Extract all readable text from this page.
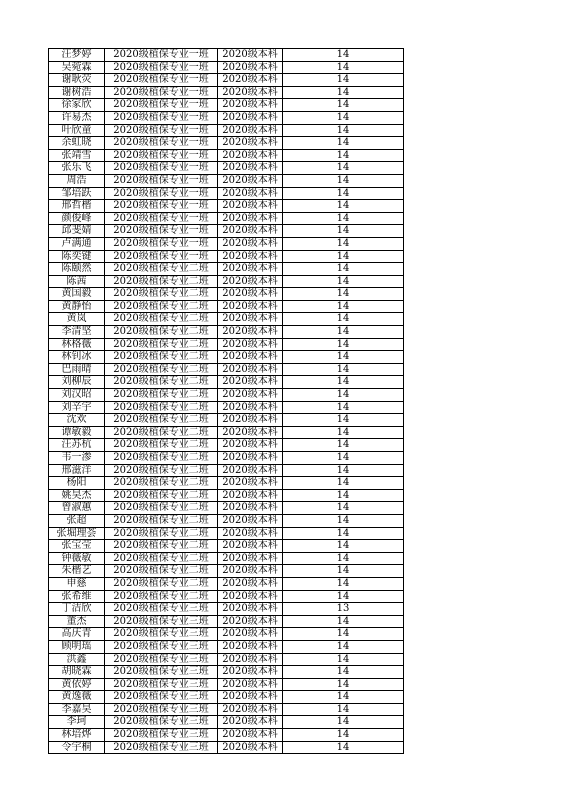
汪梦婷	2020级植保专业一班	2020级本科	14
吴菀霖	2020级植保专业一班	2020级本科	14
谢耿荧	2020级植保专业一班	2020级本科	14
谢树浩	2020级植保专业一班	2020级本科	14
徐家欣	2020级植保专业一班	2020级本科	14
许易杰	2020级植保专业一班	2020级本科	14
叶欣童	2020级植保专业一班	2020级本科	14
余虹晓	2020级植保专业一班	2020级本科	14
张靖雪	2020级植保专业一班	2020级本科	14
张乐飞	2020级植保专业一班	2020级本科	14
周浩	2020级植保专业一班	2020级本科	14
邹培跃	2020级植保专业一班	2020级本科	14
邢哲楷	2020级植保专业一班	2020级本科	14
颜俊峰	2020级植保专业一班	2020级本科	14
邱斐婧	2020级植保专业一班	2020级本科	14
卢满通	2020级植保专业一班	2020级本科	14
陈奕键	2020级植保专业一班	2020级本科	14
陈颐然	2020级植保专业二班	2020级本科	14
陈茜	2020级植保专业二班	2020级本科	14
黄国毅	2020级植保专业二班	2020级本科	14
黄静怡	2020级植保专业二班	2020级本科	14
黄岚	2020级植保专业二班	2020级本科	14
李清坚	2020级植保专业二班	2020级本科	14
林格薇	2020级植保专业二班	2020级本科	14
林钊冰	2020级植保专业二班	2020级本科	14
巴雨晴	2020级植保专业二班	2020级本科	14
刘柳辰	2020级植保专业二班	2020级本科	14
刘汉昭	2020级植保专业二班	2020级本科	14
刘辛宇	2020级植保专业二班	2020级本科	14
沈欢	2020级植保专业二班	2020级本科	14
谭敏毅	2020级植保专业二班	2020级本科	14
汪苏杭	2020级植保专业二班	2020级本科	14
韦一渗	2020级植保专业二班	2020级本科	14
邢滋洋	2020级植保专业二班	2020级本科	14
杨阳	2020级植保专业二班	2020级本科	14
姚昊杰	2020级植保专业二班	2020级本科	14
曾淑蕙	2020级植保专业二班	2020级本科	14
张超	2020级植保专业二班	2020级本科	14
张堀理荟	2020级植保专业二班	2020级本科	14
张宝莹	2020级植保专业二班	2020级本科	14
钟薇敏	2020级植保专业二班	2020级本科	14
朱楷艺	2020级植保专业二班	2020级本科	14
申慈	2020级植保专业二班	2020级本科	14
张希维	2020级植保专业二班	2020级本科	14
丁洁欣	2020级植保专业三班	2020级本科	13
董杰	2020级植保专业三班	2020级本科	14
高庆青	2020级植保专业三班	2020级本科	14
顾明瑶	2020级植保专业三班	2020级本科	14
洪鑫	2020级植保专业三班	2020级本科	14
胡晓霖	2020级植保专业三班	2020级本科	14
黄依婷	2020级植保专业三班	2020级本科	14
黄逸薇	2020级植保专业三班	2020级本科	14
李嘉昊	2020级植保专业三班	2020级本科	14
李珂	2020级植保专业三班	2020级本科	14
林培烨	2020级植保专业三班	2020级本科	14
令宇桐	2020级植保专业三班	2020级本科	14
